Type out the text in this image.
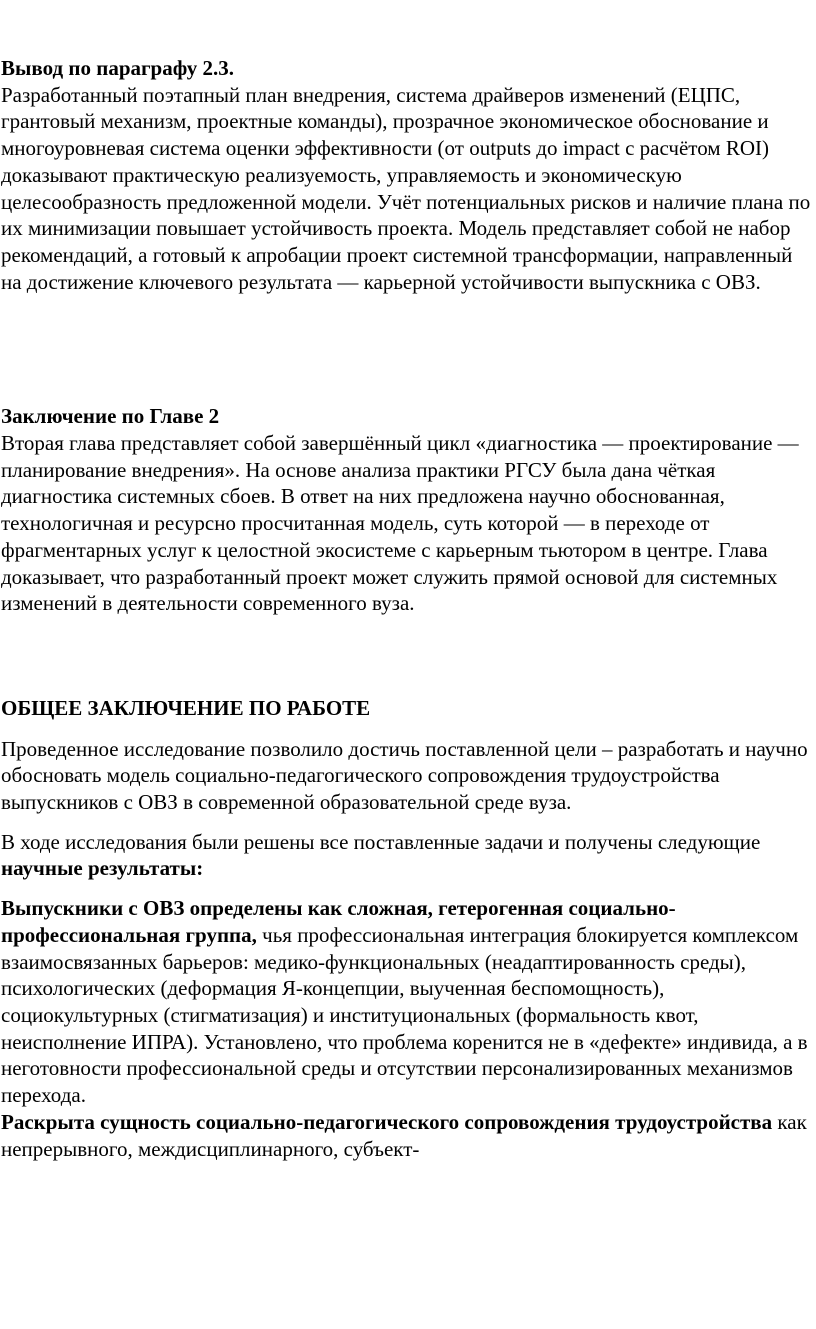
Вывод по параграфу 2.3.
Разработанный поэтапный план внедрения, система драйверов изменений (ЕЦПС, грантовый механизм, проектные команды), прозрачное экономическое обоснование и многоуровневая система оценки эффективности (от outputs до impact с расчётом ROI) доказывают практическую реализуемость, управляемость и экономическую целесообразность предложенной модели. Учёт потенциальных рисков и наличие плана по их минимизации повышает устойчивость проекта. Модель представляет собой не набор рекомендаций, а готовый к апробации проект системной трансформации, направленный на достижение ключевого результата — карьерной устойчивости выпускника с ОВЗ.
Заключение по Главе 2
Вторая глава представляет собой завершённый цикл «диагностика — проектирование — планирование внедрения». На основе анализа практики РГСУ была дана чёткая диагностика системных сбоев. В ответ на них предложена научно обоснованная, технологичная и ресурсно просчитанная модель, суть которой — в переходе от фрагментарных услуг к целостной экосистеме с карьерным тьютором в центре. Глава доказывает, что разработанный проект может служить прямой основой для системных изменений в деятельности современного вуза.
ОБЩЕЕ ЗАКЛЮЧЕНИЕ ПО РАБОТЕ
Проведенное исследование позволило достичь поставленной цели – разработать и научно обосновать модель социально-педагогического сопровождения трудоустройства выпускников с ОВЗ в современной образовательной среде вуза.
В ходе исследования были решены все поставленные задачи и получены следующие научные результаты:
Выпускники с ОВЗ определены как сложная, гетерогенная социально-профессиональная группа, чья профессиональная интеграция блокируется комплексом взаимосвязанных барьеров: медико-функциональных (неадаптированность среды), психологических (деформация Я-концепции, выученная беспомощность), социокультурных (стигматизация) и институциональных (формальность квот, неисполнение ИПРА). Установлено, что проблема коренится не в «дефекте» индивида, а в неготовности профессиональной среды и отсутствии персонализированных механизмов перехода.
Раскрыта сущность социально-педагогического сопровождения трудоустройства как непрерывного, междисциплинарного, субъект-
